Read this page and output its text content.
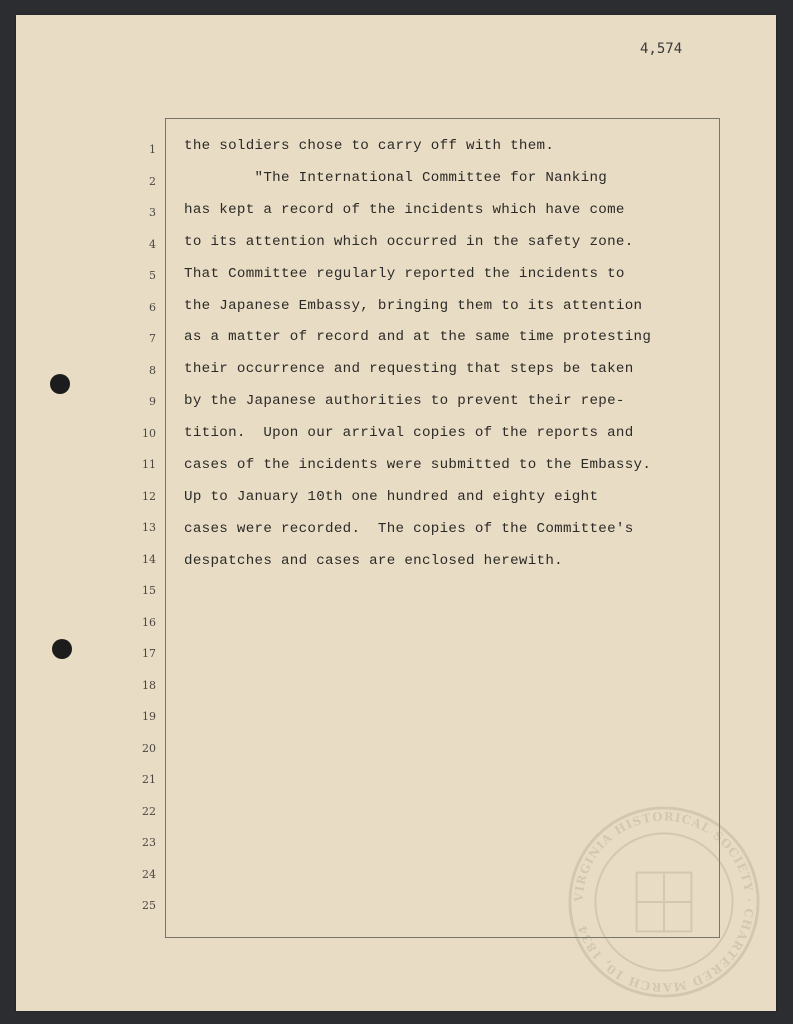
4,574
1
2
3
4
5
6
7
8
9
10
11
12
13
14
15
16
17
18
19
20
21
22
23
24
25
the soldiers chose to carry off with them.
"The International Committee for Nanking
has kept a record of the incidents which have come
to its attention which occurred in the safety zone.
That Committee regularly reported the incidents to
the Japanese Embassy, bringing them to its attention
as a matter of record and at the same time protesting
their occurrence and requesting that steps be taken
by the Japanese authorities to prevent their repe-
tition.  Upon our arrival copies of the reports and
cases of the incidents were submitted to the Embassy.
Up to January 10th one hundred and eighty eight
cases were recorded.  The copies of the Committee's
despatches and cases are enclosed herewith.
VIRGINIA HISTORICAL SOCIETY · CHARTERED MARCH 10, 1834
